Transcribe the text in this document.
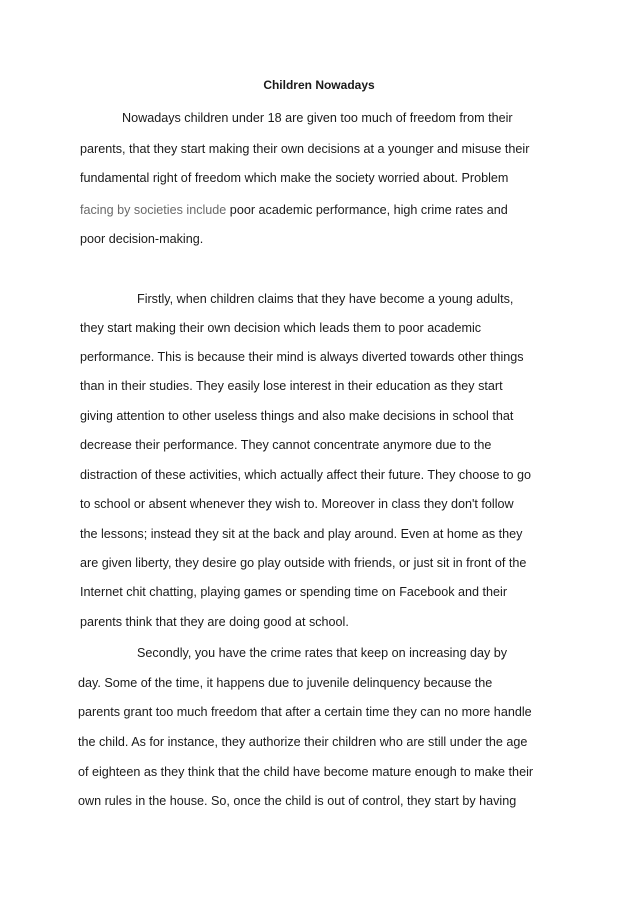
Children Nowadays

Nowadays children under 18 are given too much of freedom from their

parents, that they start making their own decisions at a younger and misuse their

fundamental right of freedom which make the society worried about. Problem

facing by societies include poor academic performance, high crime rates and

poor decision-making.

Firstly, when children claims that they have become a young adults,

they start making their own decision which leads them to poor academic

performance. This is because their mind is always diverted towards other things

than in their studies. They easily lose interest in their education as they start

giving attention to other useless things and also make decisions in school that

decrease their performance. They cannot concentrate anymore due to the

distraction of these activities, which actually affect their future. They choose to go

to school or absent whenever they wish to. Moreover in class they don't follow

the lessons; instead they sit at the back and play around. Even at home as they

are given liberty, they desire go play outside with friends, or just sit in front of the

Internet chit chatting, playing games or spending time on Facebook and their

parents think that they are doing good at school.

Secondly, you have the crime rates that keep on increasing day by

day. Some of the time, it happens due to juvenile delinquency because the

parents grant too much freedom that after a certain time they can no more handle

the child. As for instance, they authorize their children who are still under the age

of eighteen as they think that the child have become mature enough to make their

own rules in the house. So, once the child is out of control, they start by having
